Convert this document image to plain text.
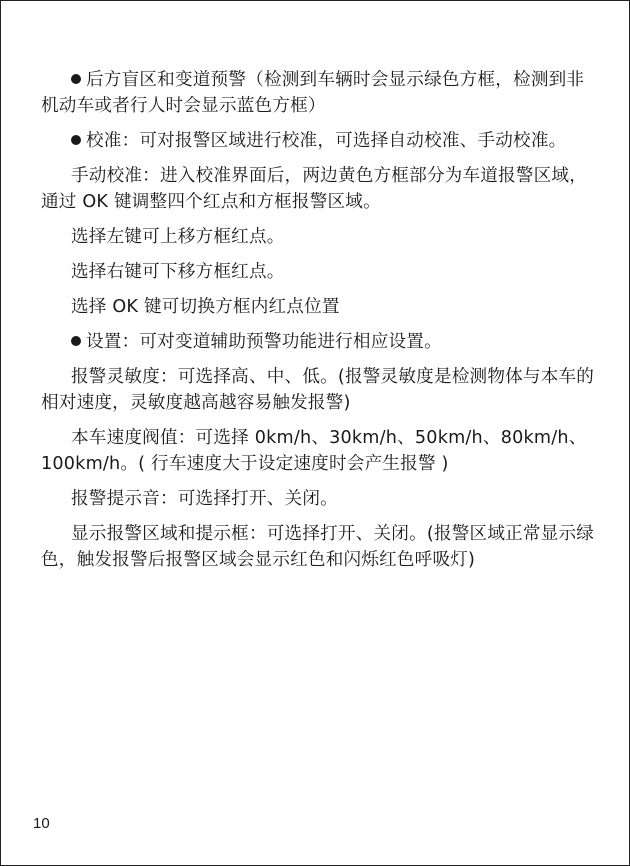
后方盲区和变道预警（检测到车辆时会显示绿色方框，检测到非机动车或者行人时会显示蓝色方框）

校准：可对报警区域进行校准，可选择自动校准、手动校准。

手动校准：进入校准界面后，两边黄色方框部分为车道报警区域，通过 OK 键调整四个红点和方框报警区域。

选择左键可上移方框红点。

选择右键可下移方框红点。

选择 OK 键可切换方框内红点位置

设置：可对变道辅助预警功能进行相应设置。

报警灵敏度：可选择高、中、低。(报警灵敏度是检测物体与本车的相对速度，灵敏度越高越容易触发报警)

本车速度阀值：可选择 0km/h、30km/h、50km/h、80km/h、100km/h。( 行车速度大于设定速度时会产生报警 )

报警提示音：可选择打开、关闭。

显示报警区域和提示框：可选择打开、关闭。(报警区域正常显示绿色，触发报警后报警区域会显示红色和闪烁红色呼吸灯)

10
